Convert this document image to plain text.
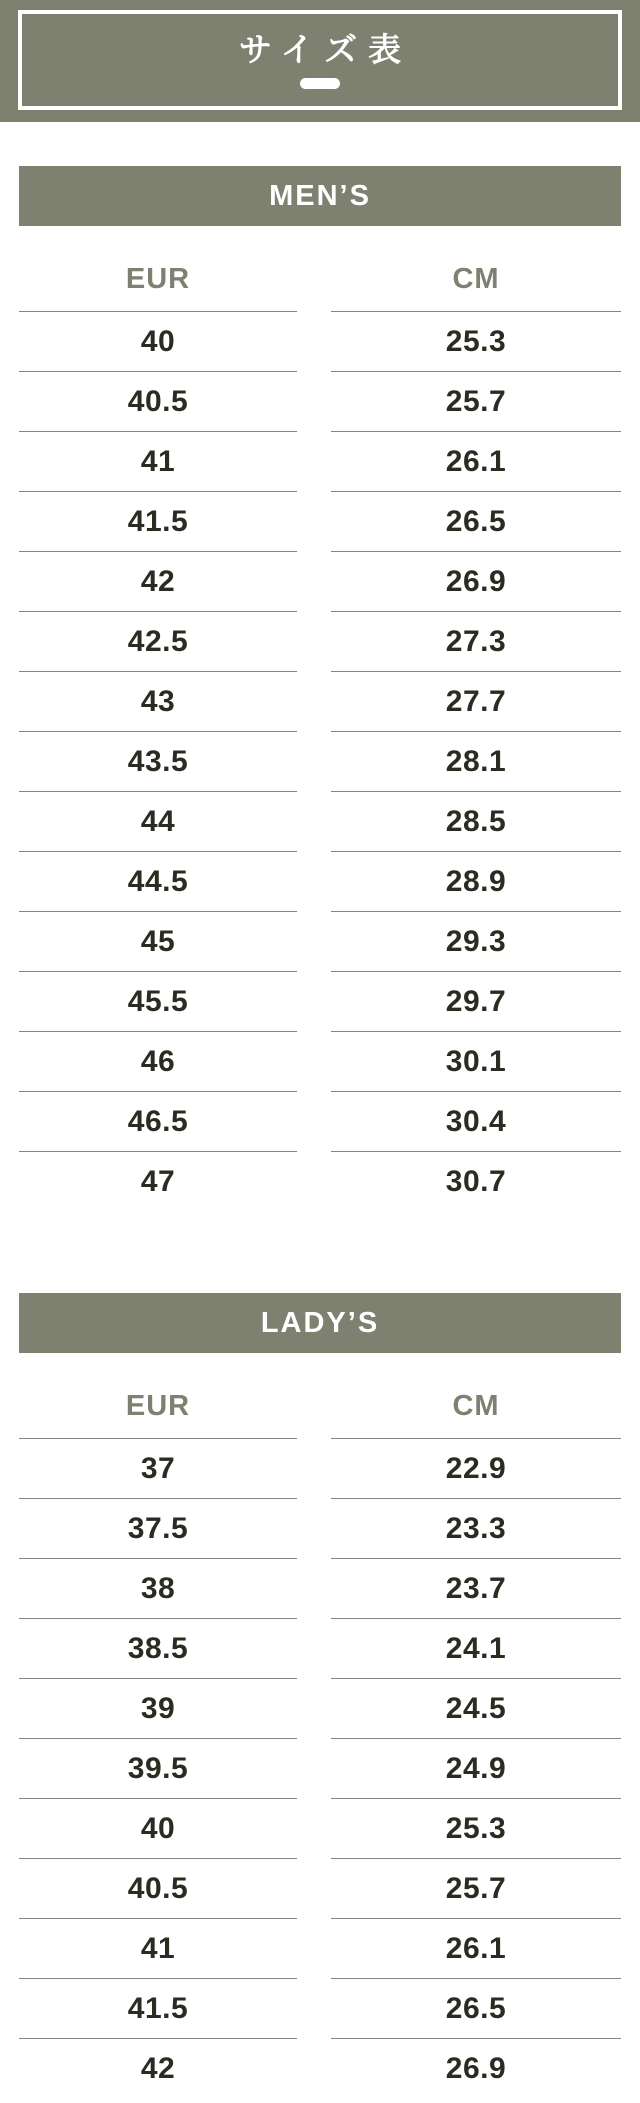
サイズ表
MEN’S
EUR	CM
40	25.3
40.5	25.7
41	26.1
41.5	26.5
42	26.9
42.5	27.3
43	27.7
43.5	28.1
44	28.5
44.5	28.9
45	29.3
45.5	29.7
46	30.1
46.5	30.4
47	30.7
LADY’S
EUR	CM
37	22.9
37.5	23.3
38	23.7
38.5	24.1
39	24.5
39.5	24.9
40	25.3
40.5	25.7
41	26.1
41.5	26.5
42	26.9
